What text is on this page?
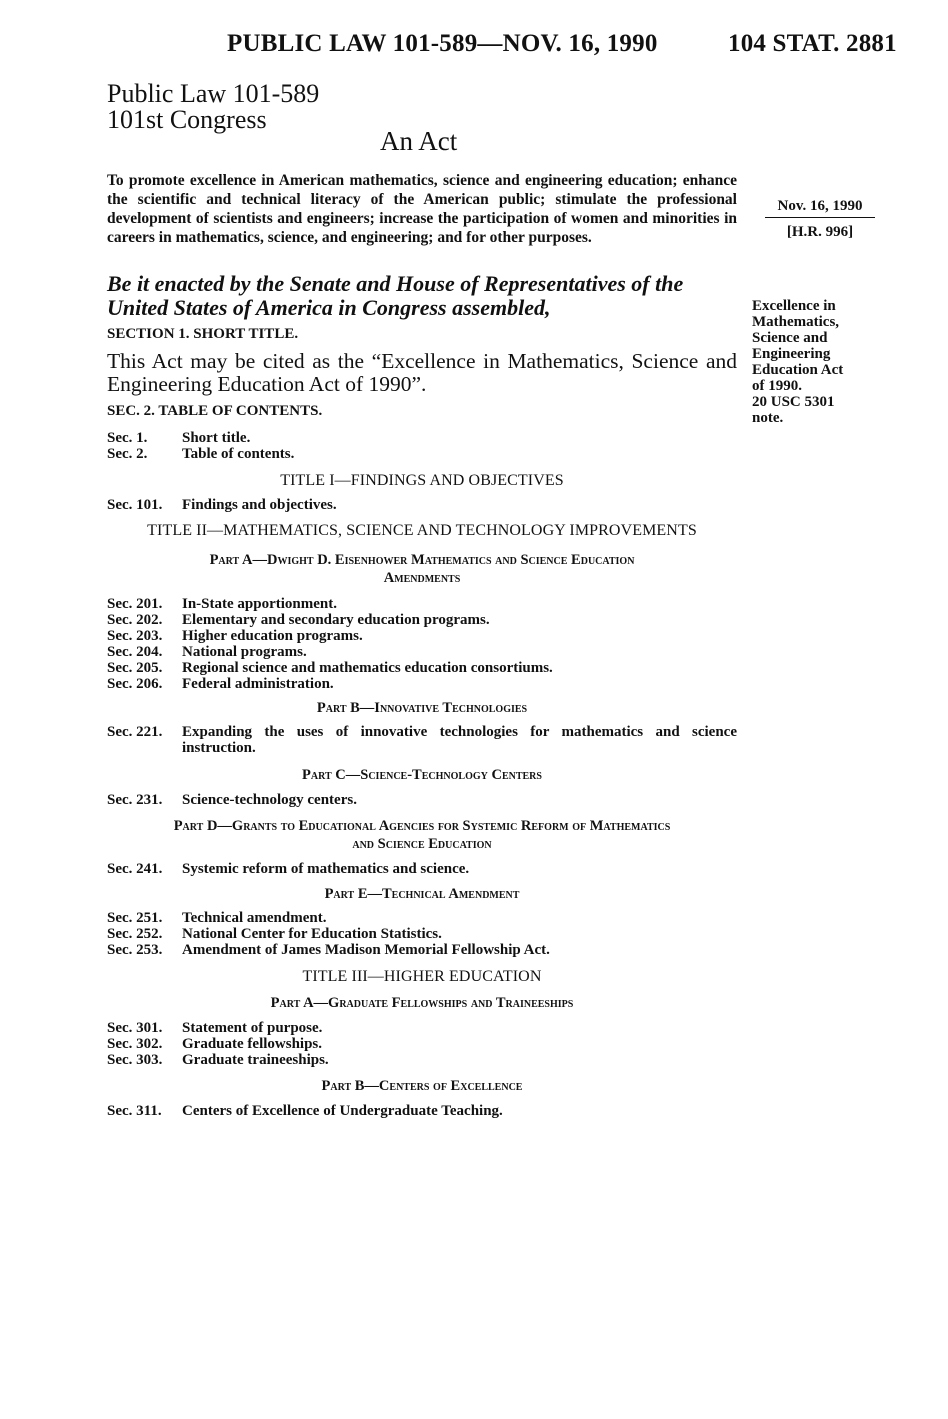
PUBLIC LAW 101-589—NOV. 16, 1990	104 STAT. 2881
Public Law 101-589
101st Congress
An Act
To promote excellence in American mathematics, science and engineering education; enhance the scientific and technical literacy of the American public; stimulate the professional development of scientists and engineers; increase the participation of women and minorities in careers in mathematics, science, and engineering; and for other purposes.
Nov. 16, 1990
[H.R. 996]
Be it enacted by the Senate and House of Representatives of the United States of America in Congress assembled,	Excellence in
Mathematics,
Science and
Engineering
Education Act
of 1990.
20 USC 5301
note.
SECTION 1. SHORT TITLE.
This Act may be cited as the “Excellence in Mathematics, Science and Engineering Education Act of 1990”.
SEC. 2. TABLE OF CONTENTS.
Sec. 1. Short title.
Sec. 2. Table of contents.
TITLE I—FINDINGS AND OBJECTIVES
Sec. 101. Findings and objectives.
TITLE II—MATHEMATICS, SCIENCE AND TECHNOLOGY IMPROVEMENTS
Part A—Dwight D. Eisenhower Mathematics and Science Education
Amendments
Sec. 201. In-State apportionment.
Sec. 202. Elementary and secondary education programs.
Sec. 203. Higher education programs.
Sec. 204. National programs.
Sec. 205. Regional science and mathematics education consortiums.
Sec. 206. Federal administration.
Part B—Innovative Technologies
Sec. 221. Expanding the uses of innovative technologies for mathematics and science instruction.
Part C—Science-Technology Centers
Sec. 231. Science-technology centers.
Part D—Grants to Educational Agencies for Systemic Reform of Mathematics
and Science Education
Sec. 241. Systemic reform of mathematics and science.
Part E—Technical Amendment
Sec. 251. Technical amendment.
Sec. 252. National Center for Education Statistics.
Sec. 253. Amendment of James Madison Memorial Fellowship Act.
TITLE III—HIGHER EDUCATION
Part A—Graduate Fellowships and Traineeships
Sec. 301. Statement of purpose.
Sec. 302. Graduate fellowships.
Sec. 303. Graduate traineeships.
Part B—Centers of Excellence
Sec. 311. Centers of Excellence of Undergraduate Teaching.
